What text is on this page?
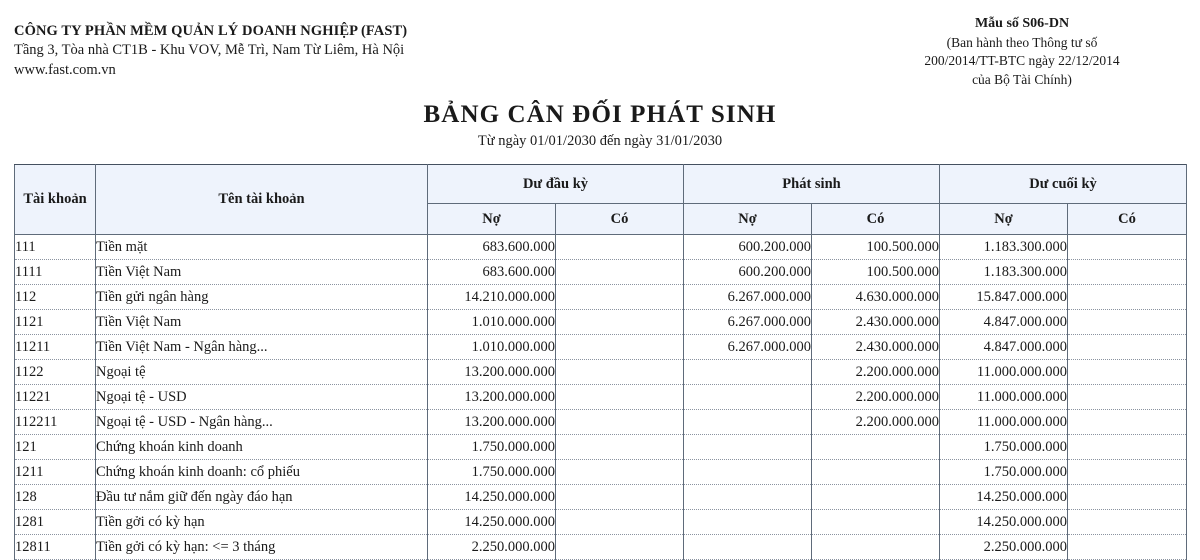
CÔNG TY PHẦN MỀM QUẢN LÝ DOANH NGHIỆP (FAST)
Tầng 3, Tòa nhà CT1B - Khu VOV, Mễ Trì, Nam Từ Liêm, Hà Nội
www.fast.com.vn
Mẫu số S06-DN
(Ban hành theo Thông tư số
200/2014/TT-BTC ngày 22/12/2014
của Bộ Tài Chính)
BẢNG CÂN ĐỐI PHÁT SINH
Từ ngày 01/01/2030 đến ngày 31/01/2030
Tài khoản	Tên tài khoản	Dư đầu kỳ		Phát sinh		Dư cuối kỳ	
		Nợ	Có	Nợ	Có	Nợ	Có
111	Tiền mặt	683.600.000		600.200.000	100.500.000	1.183.300.000	
1111	Tiền Việt Nam	683.600.000		600.200.000	100.500.000	1.183.300.000	
112	Tiền gửi ngân hàng	14.210.000.000		6.267.000.000	4.630.000.000	15.847.000.000	
1121	Tiền Việt Nam	1.010.000.000		6.267.000.000	2.430.000.000	4.847.000.000	
11211	Tiền Việt Nam - Ngân hàng...	1.010.000.000		6.267.000.000	2.430.000.000	4.847.000.000	
1122	Ngoại tệ	13.200.000.000			2.200.000.000	11.000.000.000	
11221	Ngoại tệ - USD	13.200.000.000			2.200.000.000	11.000.000.000	
112211	Ngoại tệ - USD - Ngân hàng...	13.200.000.000			2.200.000.000	11.000.000.000	
121	Chứng khoán kinh doanh	1.750.000.000				1.750.000.000	
1211	Chứng khoán kinh doanh: cổ phiếu	1.750.000.000				1.750.000.000	
128	Đầu tư nắm giữ đến ngày đáo hạn	14.250.000.000				14.250.000.000	
1281	Tiền gởi có kỳ hạn	14.250.000.000				14.250.000.000	
12811	Tiền gởi có kỳ hạn: <= 3 tháng	2.250.000.000				2.250.000.000	
